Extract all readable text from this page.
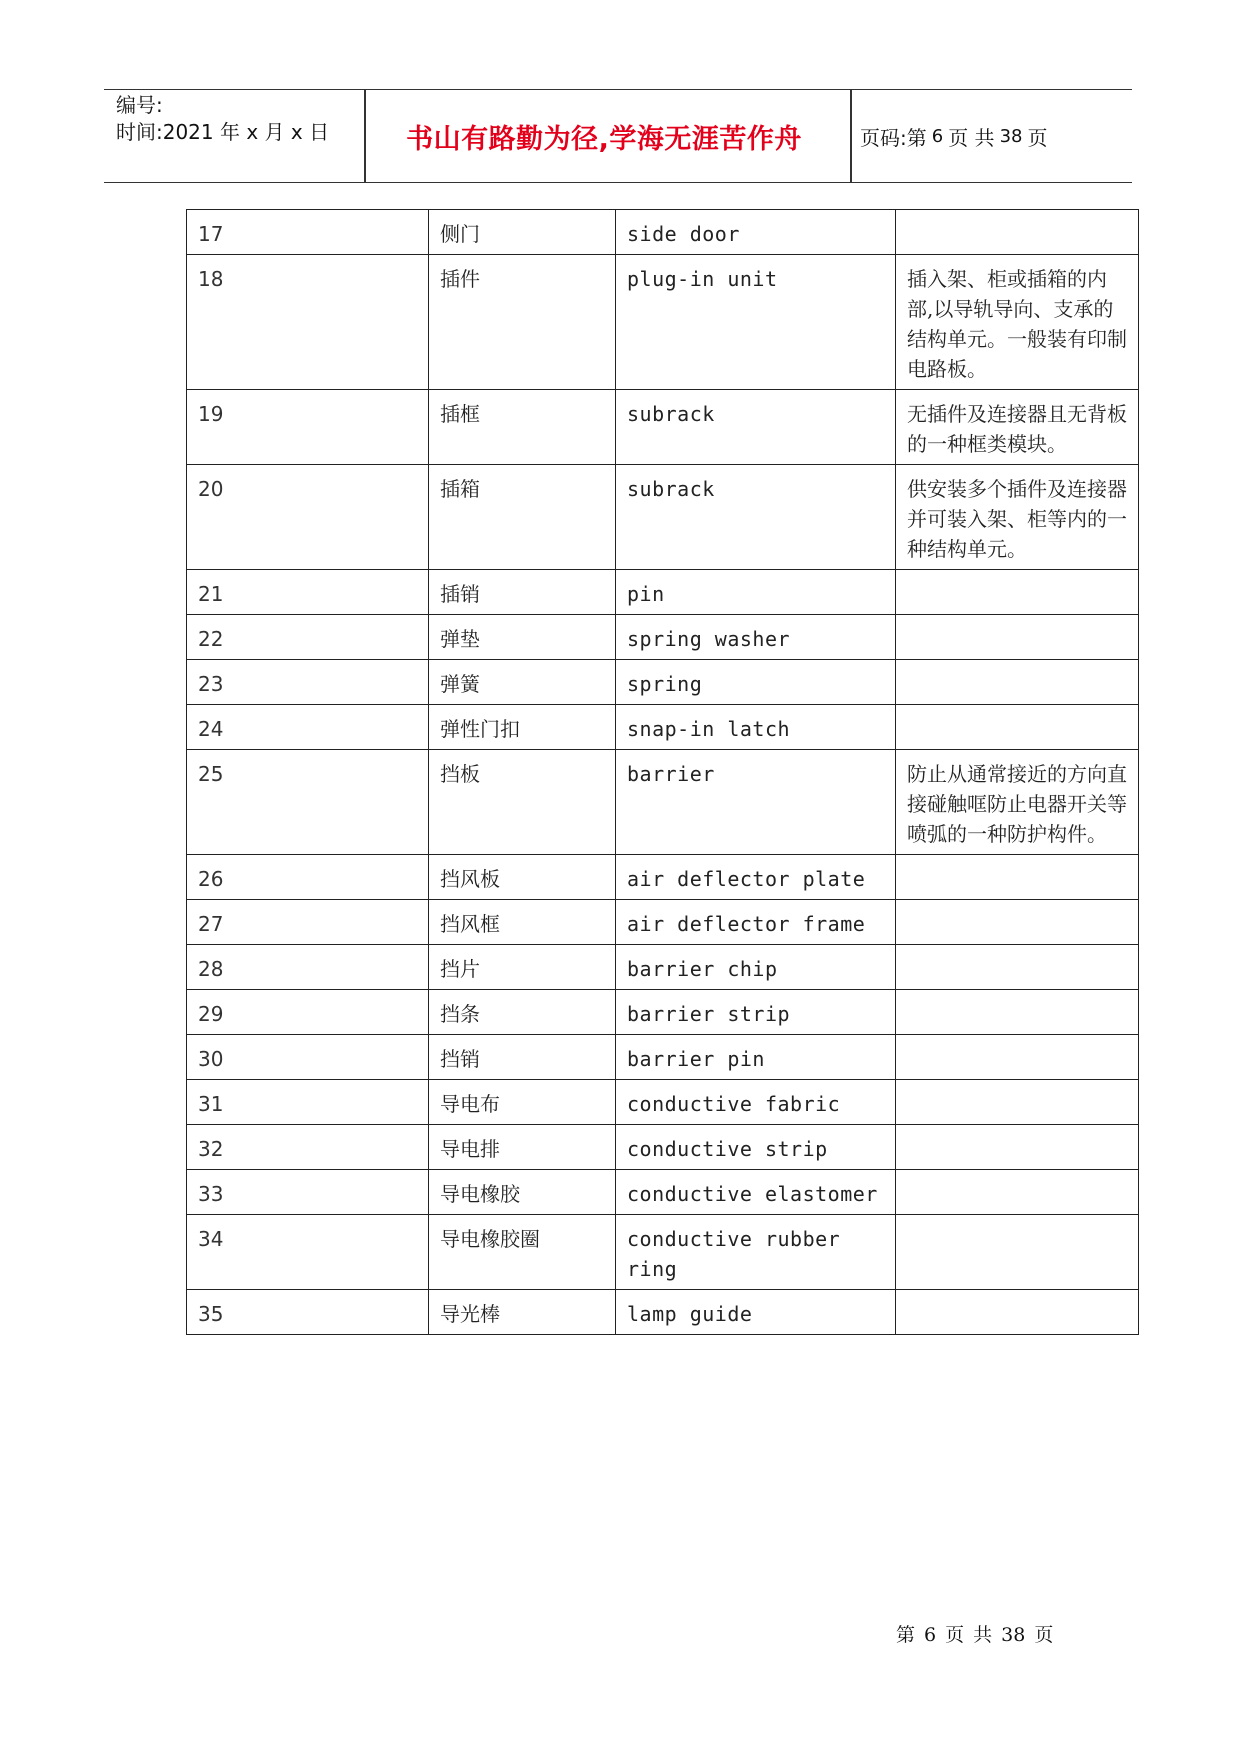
编号:
时间:2021 年 x 月 x 日	书山有路勤为径,学海无涯苦作舟	页码:第 6 页 共 38 页
17	侧门	side door	
18	插件	plug-in unit	插入架、柜或插箱的内部,以导轨导向、支承的结构单元。一般装有印制电路板。
19	插框	subrack	无插件及连接器且无背板的一种框类模块。
20	插箱	subrack	供安装多个插件及连接器并可装入架、柜等内的一种结构单元。
21	插销	pin	
22	弹垫	spring washer	
23	弹簧	spring	
24	弹性门扣	snap-in latch	
25	挡板	barrier	防止从通常接近的方向直接碰触哐防止电器开关等喷弧的一种防护构件。
26	挡风板	air deflector plate	
27	挡风框	air deflector frame	
28	挡片	barrier chip	
29	挡条	barrier strip	
30	挡销	barrier pin	
31	导电布	conductive fabric	
32	导电排	conductive strip	
33	导电橡胶	conductive elastomer	
34	导电橡胶圈	conductive rubber ring	
35	导光棒	lamp guide	
第 6 页 共 38 页
